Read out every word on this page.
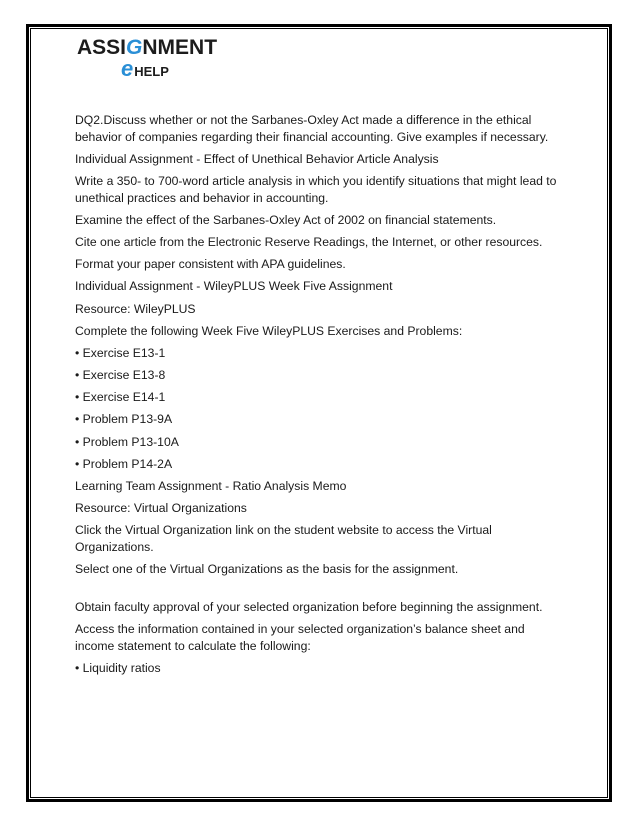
ASSIGNMENT
eHELP

DQ2.Discuss whether or not the Sarbanes-Oxley Act made a difference in the ethical behavior of companies regarding their financial accounting. Give examples if necessary.

Individual Assignment - Effect of Unethical Behavior Article Analysis

Write a 350- to 700-word article analysis in which you identify situations that might lead to unethical practices and behavior in accounting.

Examine the effect of the Sarbanes-Oxley Act of 2002 on financial statements.

Cite one article from the Electronic Reserve Readings, the Internet, or other resources.

Format your paper consistent with APA guidelines.

Individual Assignment - WileyPLUS Week Five Assignment

Resource: WileyPLUS

Complete the following Week Five WileyPLUS Exercises and Problems:

• Exercise E13-1

• Exercise E13-8

• Exercise E14-1

• Problem P13-9A

• Problem P13-10A

• Problem P14-2A

Learning Team Assignment - Ratio Analysis Memo

Resource: Virtual Organizations

Click the Virtual Organization link on the student website to access the Virtual Organizations.

Select one of the Virtual Organizations as the basis for the assignment.

Obtain faculty approval of your selected organization before beginning the assignment.

Access the information contained in your selected organization’s balance sheet and income statement to calculate the following:

• Liquidity ratios
